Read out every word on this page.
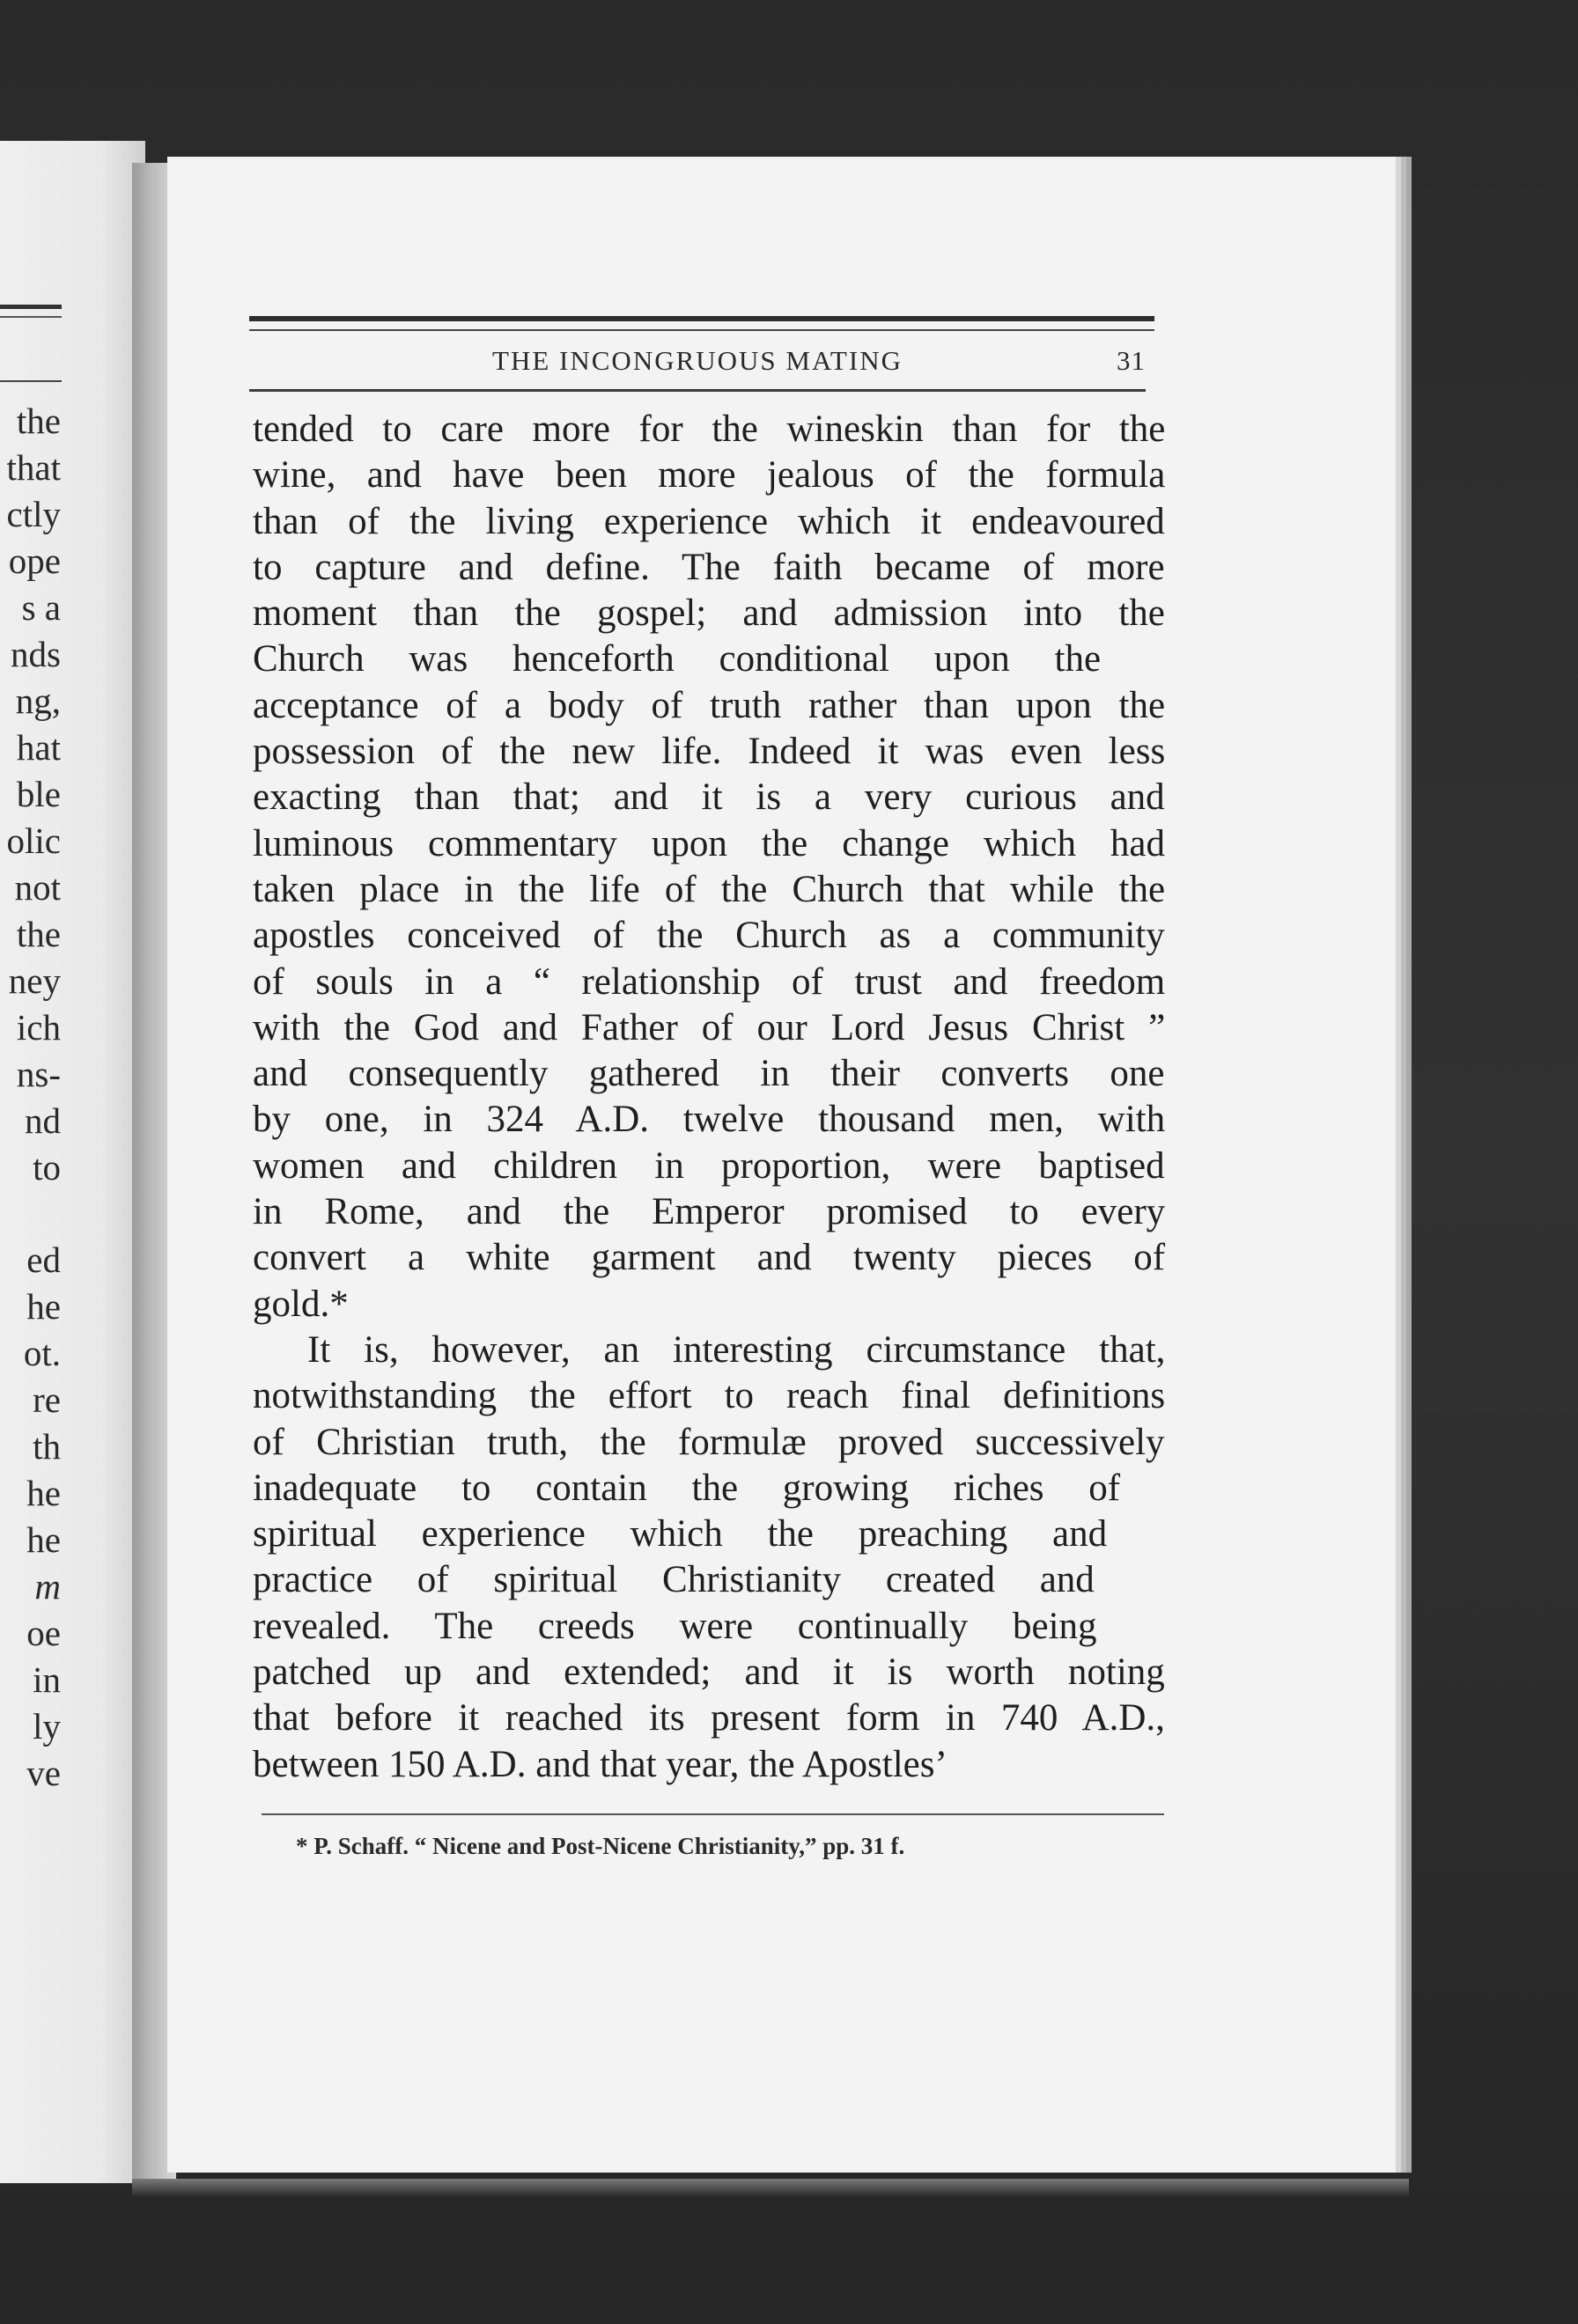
the
that
ctly
ope
s a
nds
ng,
hat
ble
olic
not
the
ney
ich
ns-
nd
to
ed
he
ot.
re
th
he
he
m
oe
in
ly
ve
THE INCONGRUOUS MATING	31
tended to care more for the wineskin than for the
wine, and have been more jealous of the formula
than of the living experience which it endeavoured
to capture and define. The faith became of more
moment than the gospel; and admission into the
Church was henceforth conditional upon the
acceptance of a body of truth rather than upon the
possession of the new life. Indeed it was even less
exacting than that; and it is a very curious and
luminous commentary upon the change which had
taken place in the life of the Church that while the
apostles conceived of the Church as a community
of souls in a “ relationship of trust and freedom
with the God and Father of our Lord Jesus Christ ”
and consequently gathered in their converts one
by one, in 324 A.D. twelve thousand men, with
women and children in proportion, were baptised
in Rome, and the Emperor promised to every
convert a white garment and twenty pieces of
gold.*
It is, however, an interesting circumstance that,
notwithstanding the effort to reach final definitions
of Christian truth, the formulæ proved successively
inadequate to contain the growing riches of
spiritual experience which the preaching and
practice of spiritual Christianity created and
revealed. The creeds were continually being
patched up and extended; and it is worth noting
that before it reached its present form in 740 A.D.,
between 150 A.D. and that year, the Apostles’
* P. Schaff. “ Nicene and Post-Nicene Christianity,” pp. 31 f.
